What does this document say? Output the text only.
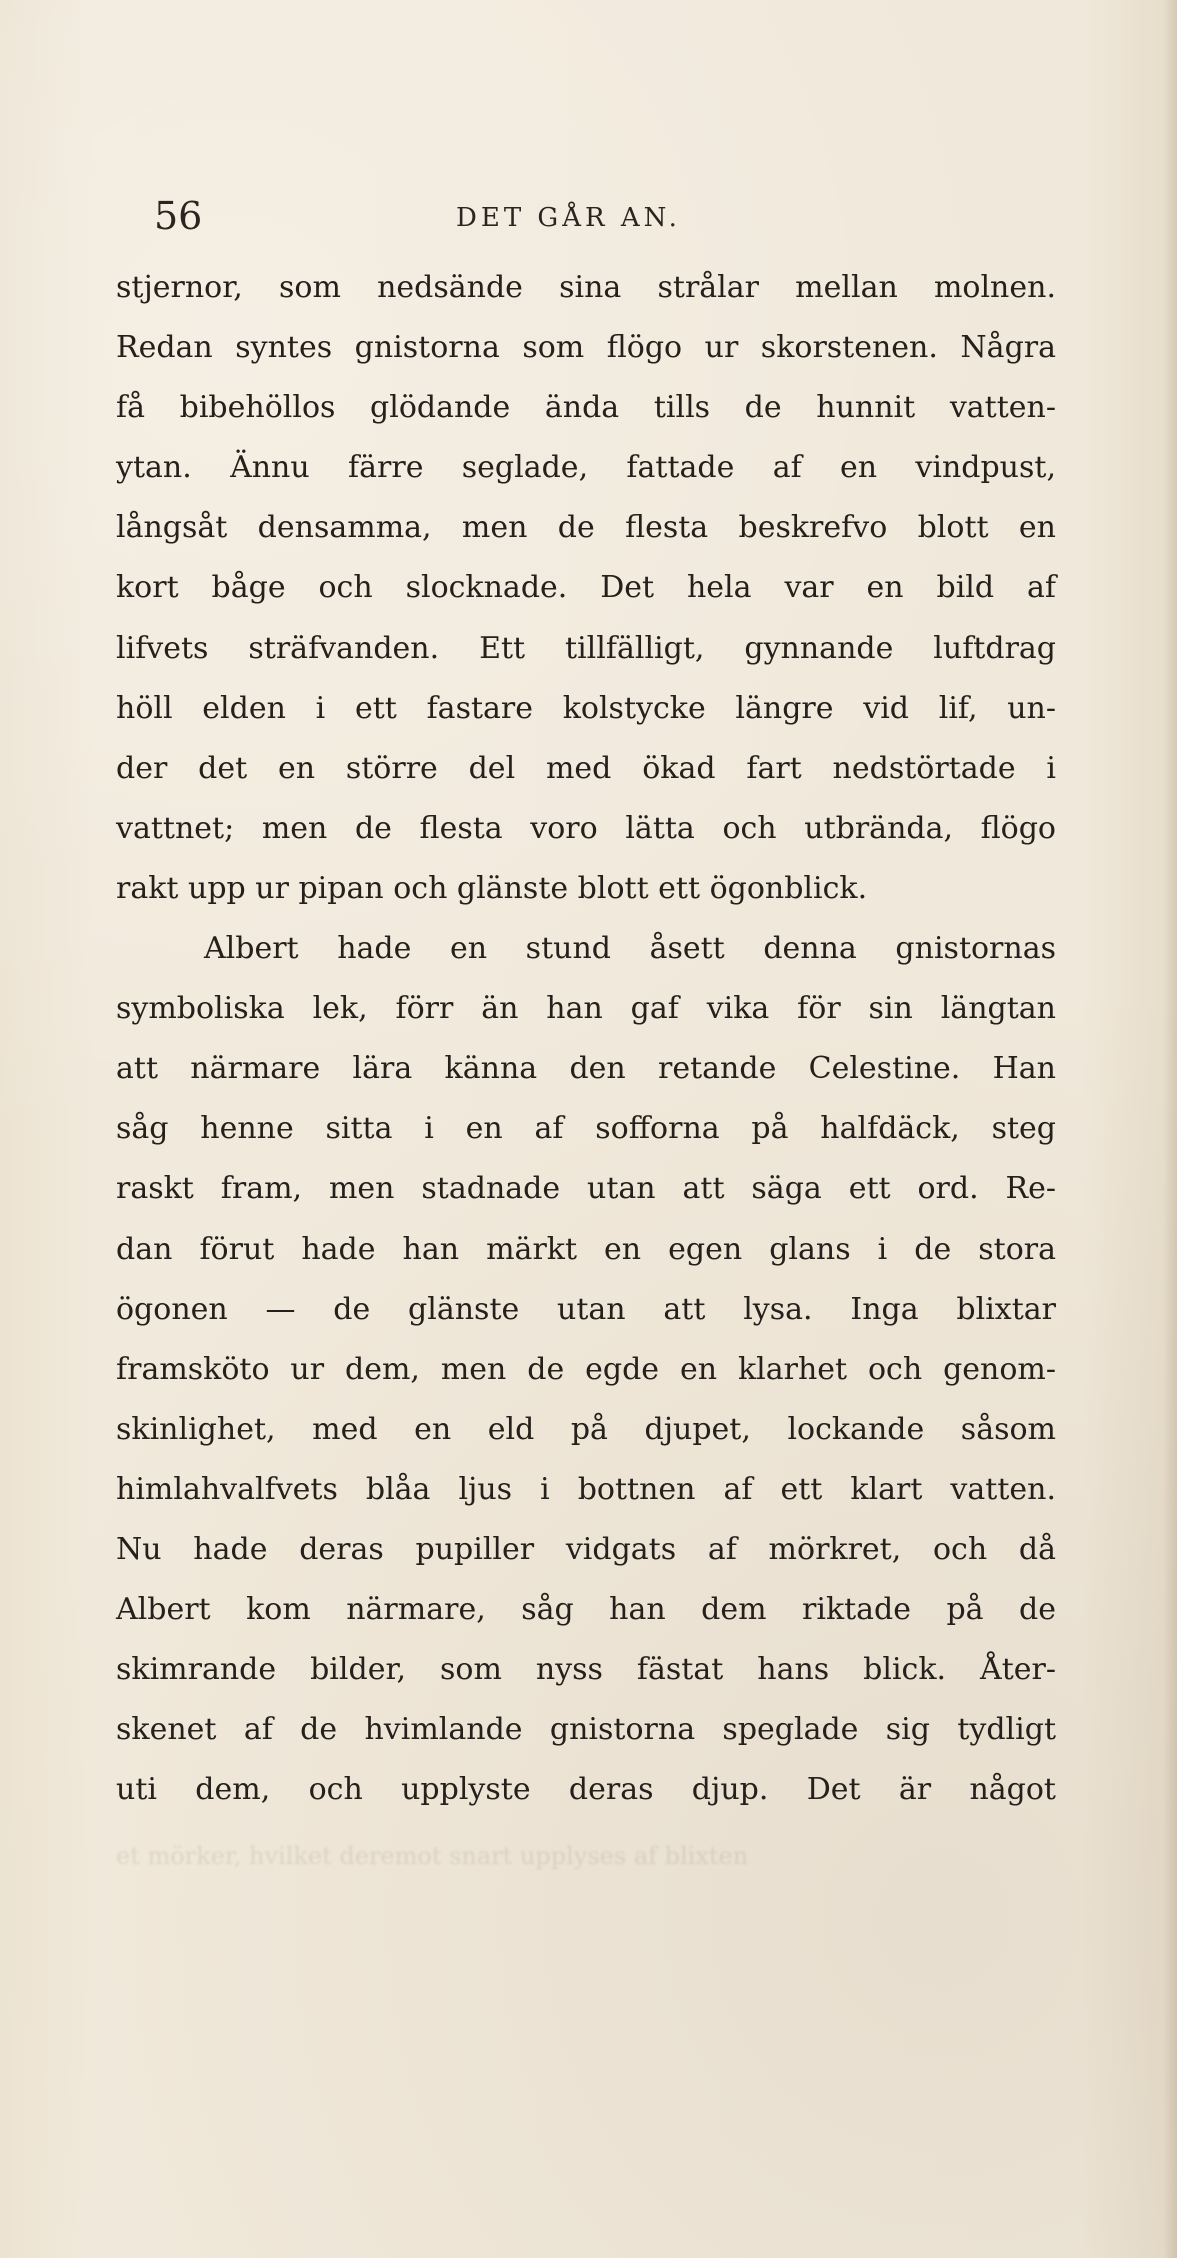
56	DET GÅR AN.
stjernor, som nedsände sina strålar mellan molnen.
Redan syntes gnistorna som flögo ur skorstenen. Några
få bibehöllos glödande ända tills de hunnit vatten-
ytan. Ännu färre seglade, fattade af en vindpust,
långsåt densamma, men de flesta beskrefvo blott en
kort båge och slocknade. Det hela var en bild af
lifvets sträfvanden. Ett tillfälligt, gynnande luftdrag
höll elden i ett fastare kolstycke längre vid lif, un-
der det en större del med ökad fart nedstörtade i
vattnet; men de flesta voro lätta och utbrända, flögo
rakt upp ur pipan och glänste blott ett ögonblick.
Albert hade en stund åsett denna gnistornas
symboliska lek, förr än han gaf vika för sin längtan
att närmare lära känna den retande Celestine. Han
såg henne sitta i en af sofforna på halfdäck, steg
raskt fram, men stadnade utan att säga ett ord. Re-
dan förut hade han märkt en egen glans i de stora
ögonen — de glänste utan att lysa. Inga blixtar
framsköto ur dem, men de egde en klarhet och genom-
skinlighet, med en eld på djupet, lockande såsom
himlahvalfvets blåa ljus i bottnen af ett klart vatten.
Nu hade deras pupiller vidgats af mörkret, och då
Albert kom närmare, såg han dem riktade på de
skimrande bilder, som nyss fästat hans blick. Åter-
skenet af de hvimlande gnistorna speglade sig tydligt
uti dem, och upplyste deras djup. Det är något
et mörker, hvilket deremot snart upplyses af blixten
